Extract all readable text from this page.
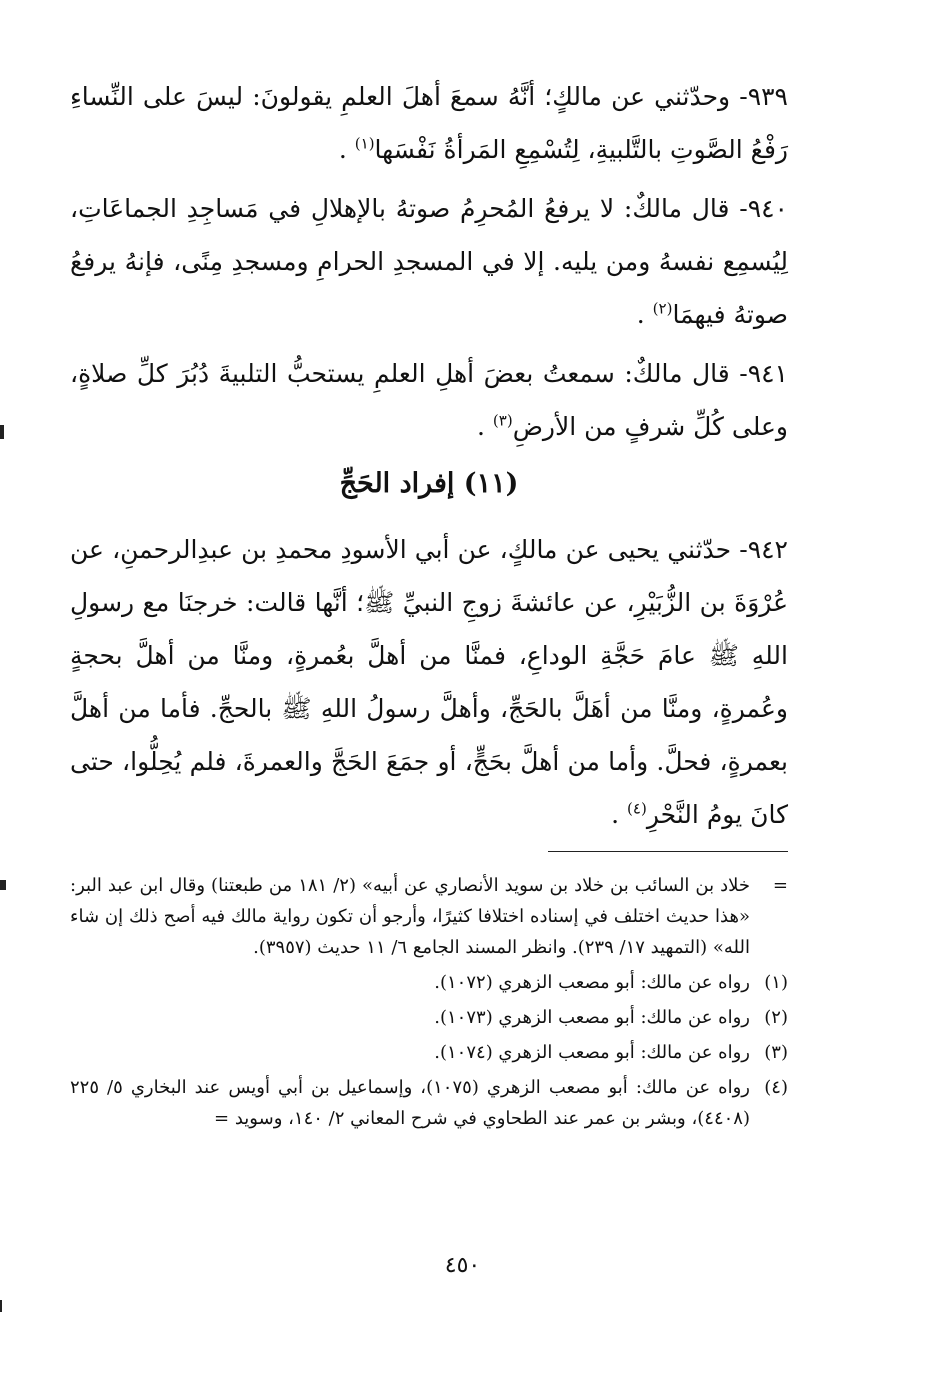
٩٣٩- وحدّثني عن مالكٍ؛ أنَّهُ سمعَ أهلَ العلمِ يقولونَ: ليسَ على النِّساءِ رَفْعُ الصَّوتِ بالتَّلبيةِ، لِتُسْمِعِ المَرأةُ نَفْسَها$^{(١)}$ .

٩٤٠- قال مالكٌ: لا يرفعُ المُحرِمُ صوتهُ بالإهلالِ في مَساجِدِ الجماعَاتِ، لِيُسمِع نفسهُ ومن يليه. إلا في المسجدِ الحرامِ ومسجدِ مِنًى، فإنهُ يرفعُ صوتهُ فيهمَا$^{(٢)}$ .

٩٤١- قال مالكٌ: سمعتُ بعضَ أهلِ العلمِ يستحبُّ التلبيةَ دُبُرَ كلِّ صلاةٍ، وعلى كُلِّ شرفٍ من الأرضِ$^{(٣)}$ .

(١١) إفراد الحَجِّ

٩٤٢- حدّثني يحيى عن مالكٍ، عن أبي الأسودِ محمدِ بن عبدِالرحمنِ، عن عُرْوَةَ بن الزُّبَيْرِ، عن عائشةَ زوجِ النبيِّ ﷺ؛ أنَّها قالت: خرجنَا مع رسولِ اللهِ ﷺ عامَ حَجَّةِ الوداعِ، فمنَّا من أهلَّ بعُمرةٍ، ومنَّا من أهلَّ بحجةٍ وعُمرةٍ، ومنَّا من أهَلَّ بالحَجِّ، وأهلَّ رسولُ اللهِ ﷺ بالحجِّ. فأما من أهلَّ بعمرةٍ، فحلَّ. وأما من أهلَّ بحَجٍّ، أو جمَعَ الحَجَّ والعمرةَ، فلم يُحِلُّوا، حتى كانَ يومُ النَّحْرِ$^{(٤)}$ .

=
خلاد بن السائب بن خلاد بن سويد الأنصاري عن أبيه» (٢/ ١٨١ من طبعتنا) وقال ابن عبد البر: «هذا حديث اختلف في إسناده اختلافا كثيرًا، وأرجو أن تكون رواية مالك فيه أصح ذلك إن شاء الله» (التمهيد ١٧/ ٢٣٩). وانظر المسند الجامع ٦/ ١١ حديث (٣٩٥٧).
(١)
رواه عن مالك: أبو مصعب الزهري (١٠٧٢).
(٢)
رواه عن مالك: أبو مصعب الزهري (١٠٧٣).
(٣)
رواه عن مالك: أبو مصعب الزهري (١٠٧٤).
(٤)
رواه عن مالك: أبو مصعب الزهري (١٠٧٥)، وإسماعيل بن أبي أويس عند البخاري ٥/ ٢٢٥ (٤٤٠٨)، وبشر بن عمر عند الطحاوي في شرح المعاني ٢/ ١٤٠، وسويد =
٤٥٠
